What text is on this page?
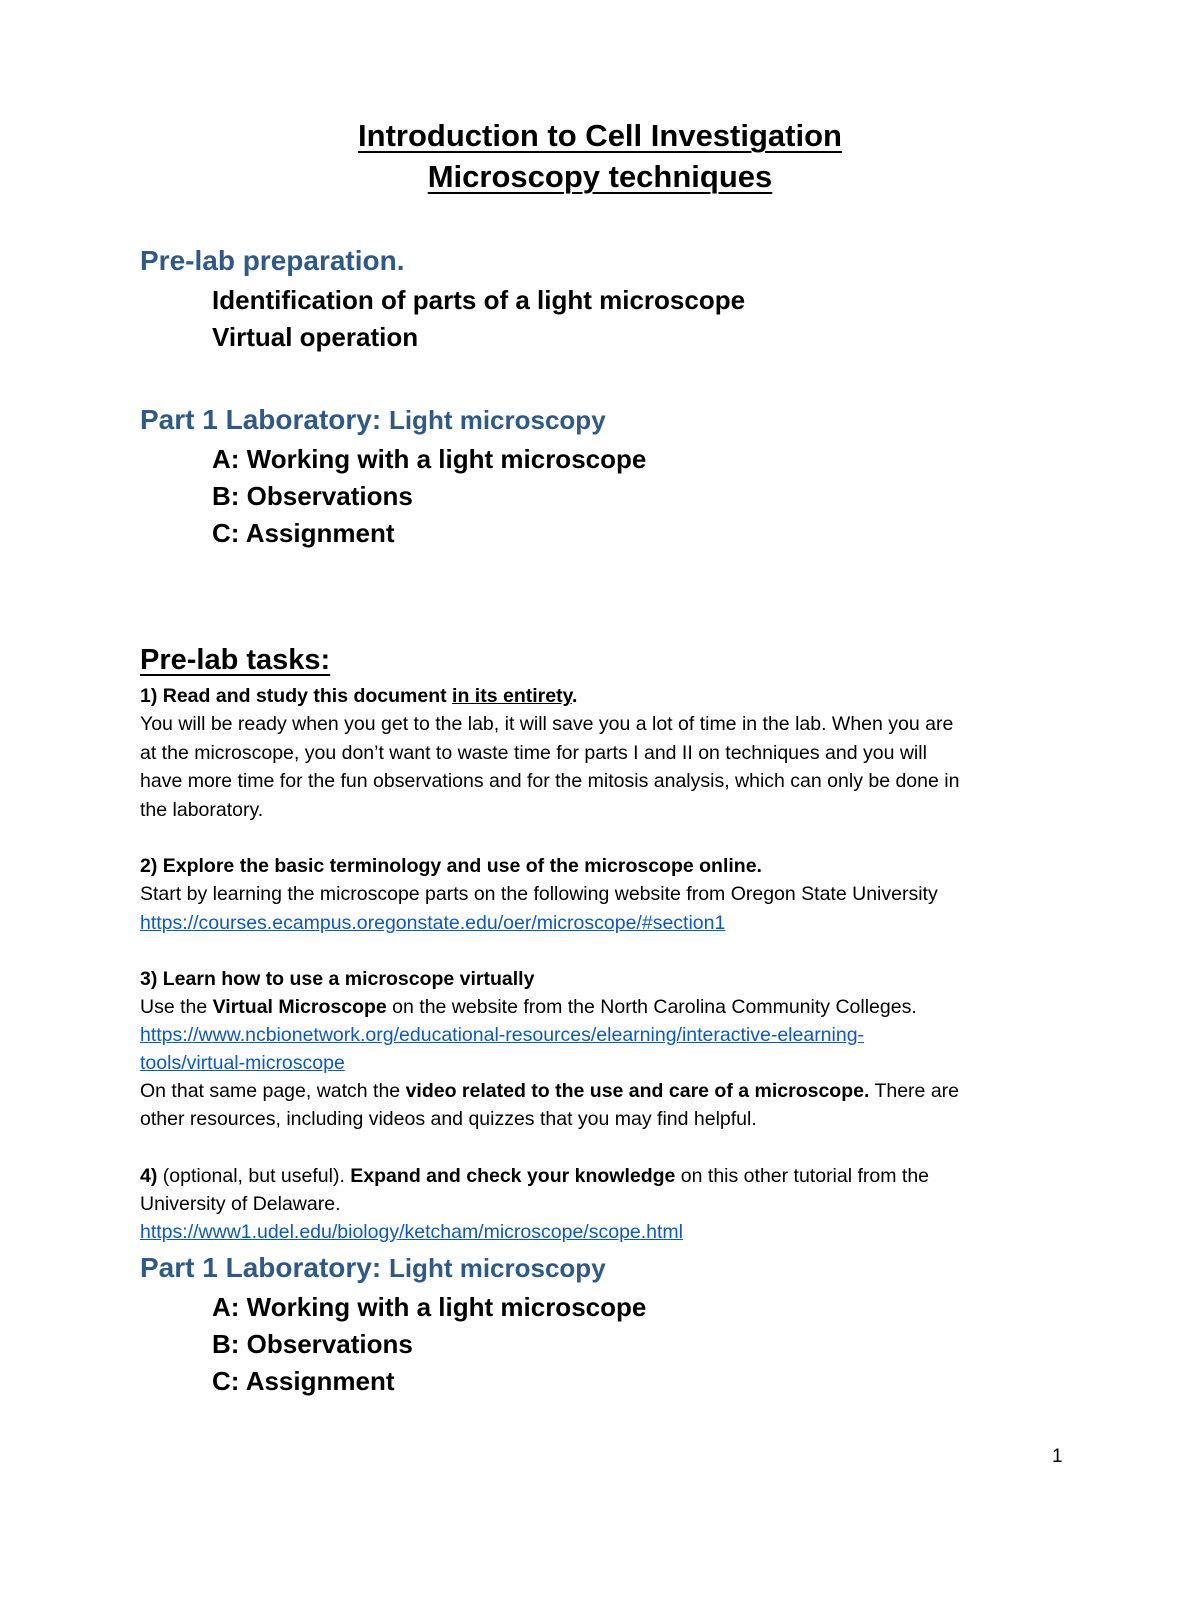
Introduction to Cell Investigation
Microscopy techniques
Pre-lab preparation.
Identification of parts of a light microscope
Virtual operation
Part 1 Laboratory: Light microscopy
A: Working with a light microscope
B: Observations
C: Assignment
Pre-lab tasks:
1) Read and study this document in its entirety.
You will be ready when you get to the lab, it will save you a lot of time in the lab. When you are
at the microscope, you don’t want to waste time for parts I and II on techniques and you will
have more time for the fun observations and for the mitosis analysis, which can only be done in
the laboratory.
2) Explore the basic terminology and use of the microscope online.
Start by learning the microscope parts on the following website from Oregon State University
https://courses.ecampus.oregonstate.edu/oer/microscope/#section1
3) Learn how to use a microscope virtually
Use the Virtual Microscope on the website from the North Carolina Community Colleges.
https://www.ncbionetwork.org/educational-resources/elearning/interactive-elearning-
tools/virtual-microscope
On that same page, watch the video related to the use and care of a microscope. There are
other resources, including videos and quizzes that you may find helpful.
4) (optional, but useful). Expand and check your knowledge on this other tutorial from the
University of Delaware.
https://www1.udel.edu/biology/ketcham/microscope/scope.html
Part 1 Laboratory: Light microscopy
A: Working with a light microscope
B: Observations
C: Assignment
1
